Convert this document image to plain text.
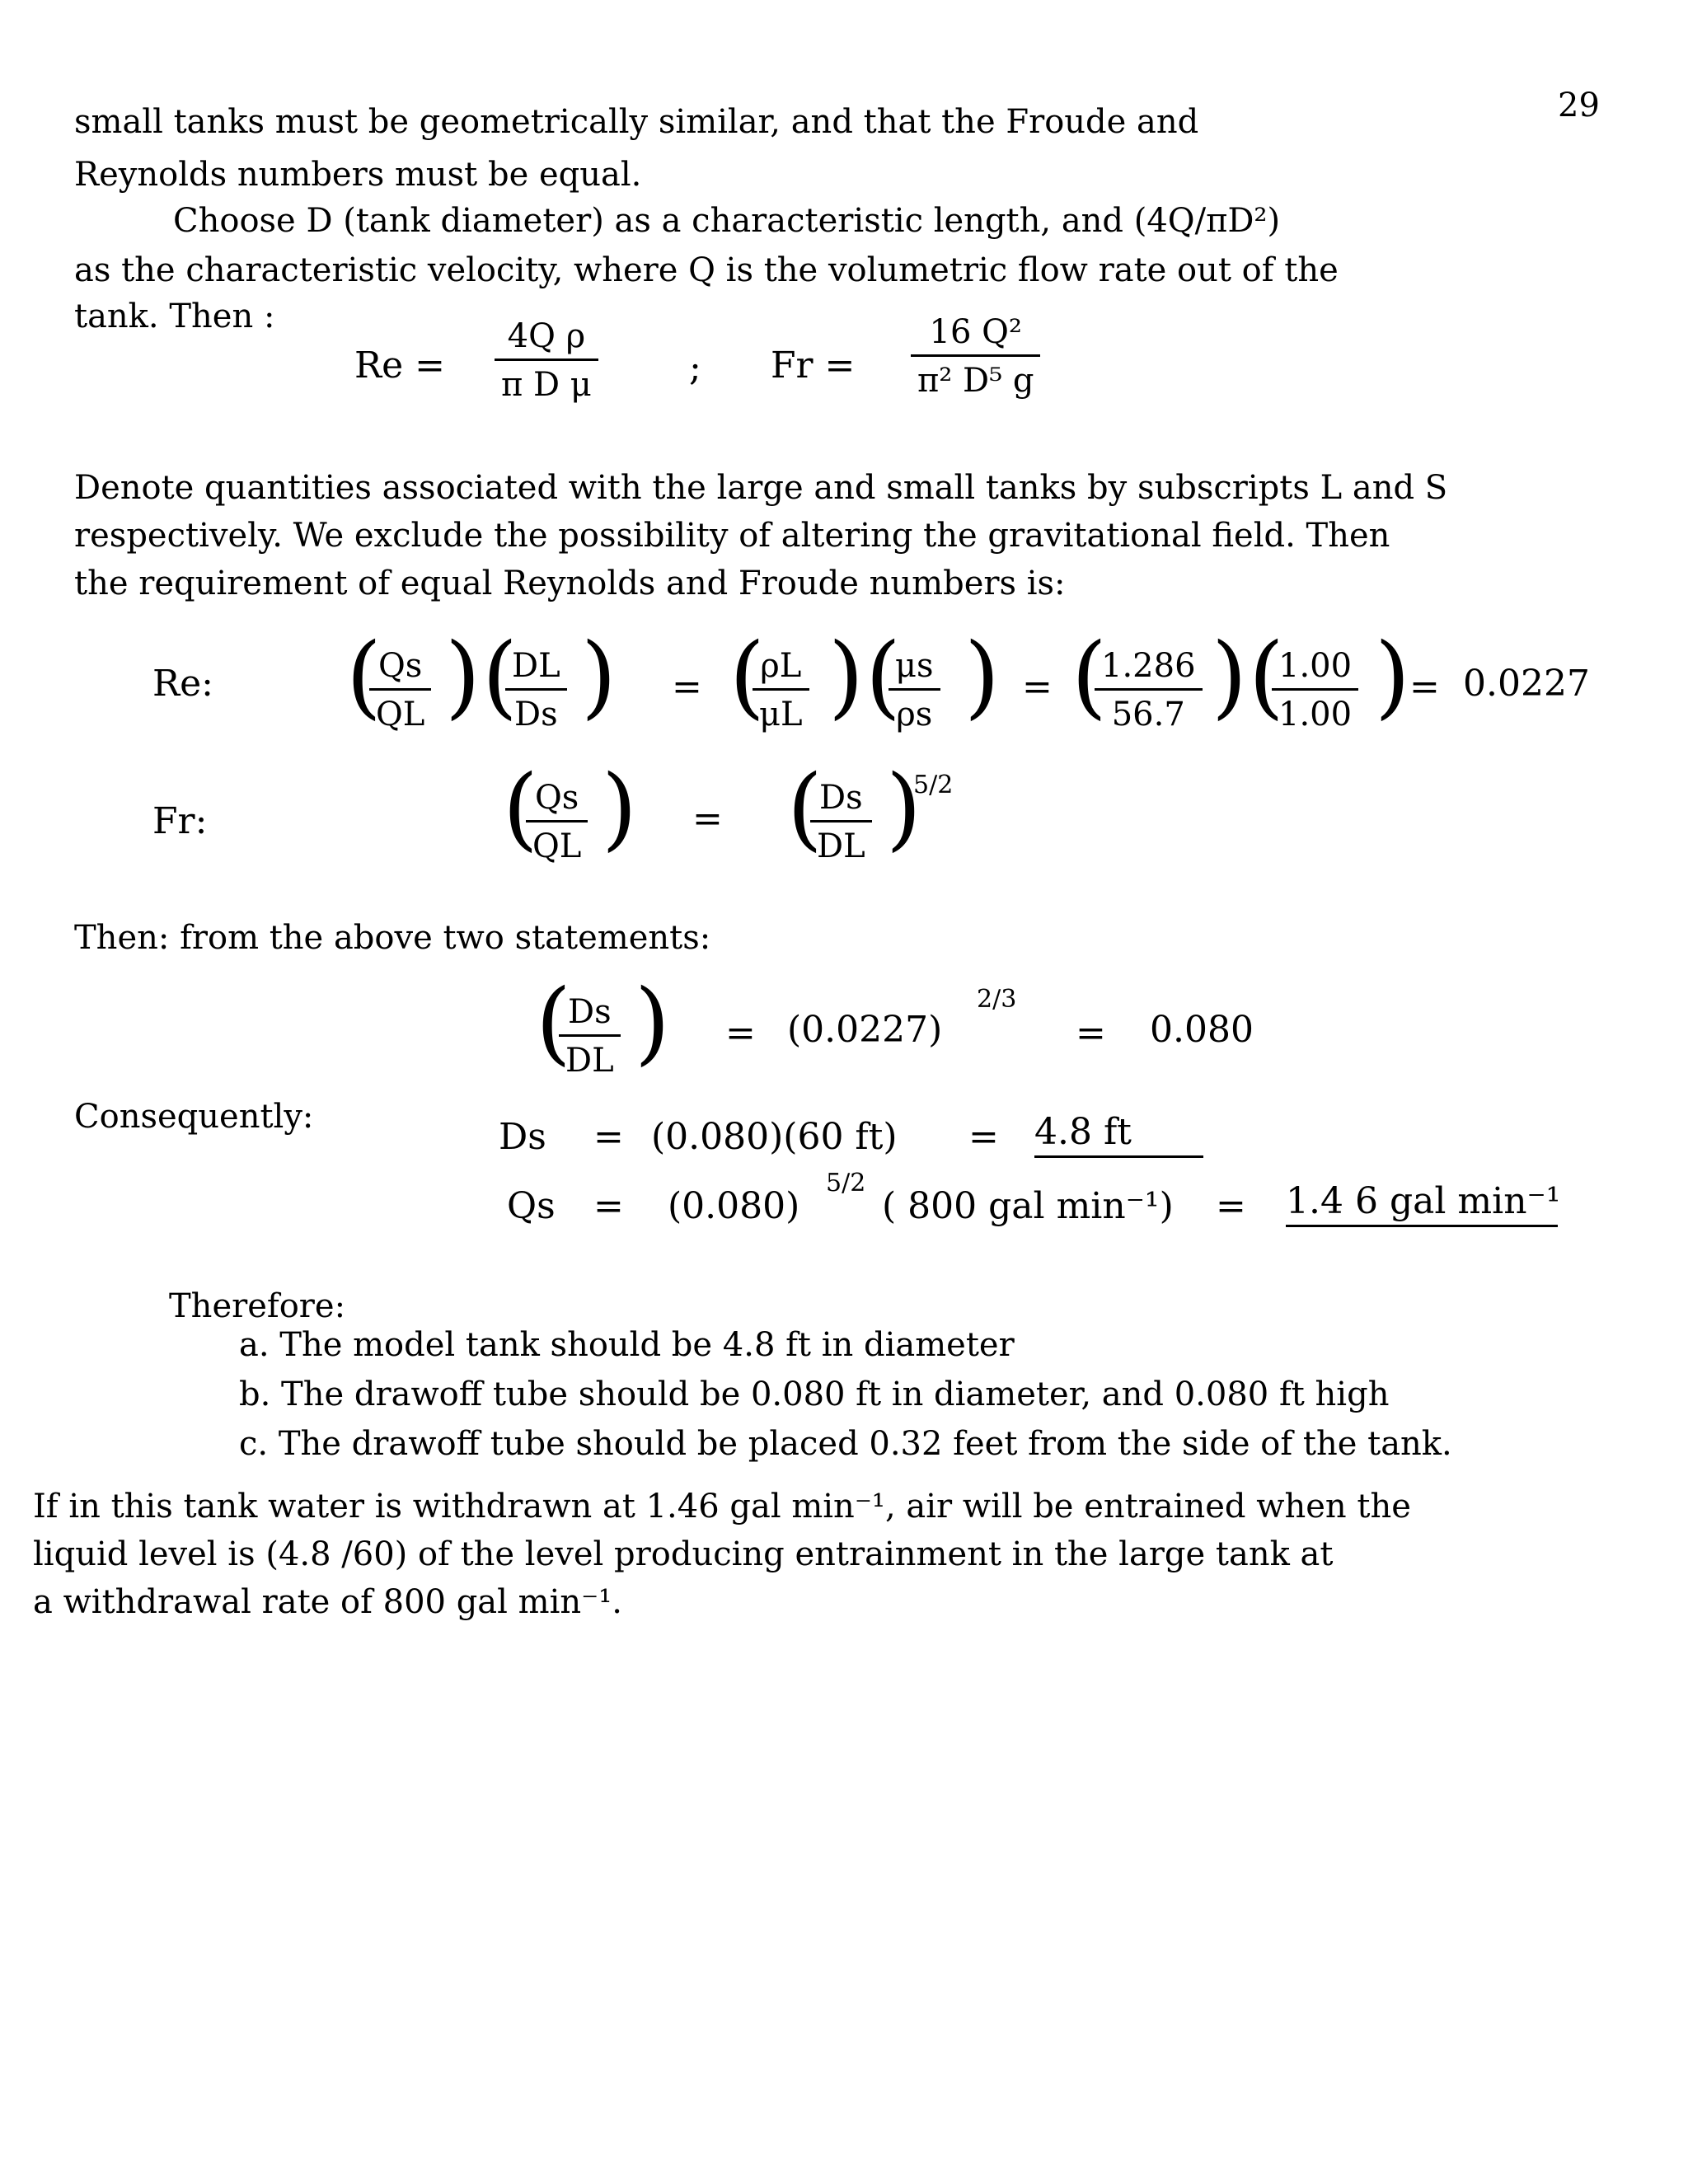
29
small tanks must be geometrically similar, and that the Froude and
Reynolds numbers must be equal.
Choose D (tank diameter) as a characteristic length, and (4Q/πD²)
as the characteristic velocity, where Q is the volumetric flow rate out of the
tank. Then :
$Re = \frac{\text{4Q ρ}}{\text{π D μ}}$	; $Fr = \frac{\text{16 Q²}}{\text{π² D⁵ g}}$
Denote quantities associated with the large and small tanks by subscripts L and S
respectively. We exclude the possibility of altering the gravitational field. Then
the requirement of equal Reynolds and Froude numbers is:
Re: (
$\frac{Qs}{QL}$ ) (
$\frac{DL}{Ds}$ ) = (
$\frac{\rho L}{\mu L}$ ) (
$\frac{\mu s}{\rho s}$ ) = (
$\frac{1.286}{56.7}$ ) (
$\frac{1.00}{1.00}$ ) = 0.0227
Fr:	(
$\frac{Qs}{QL}$ ) = (
$\frac{Ds}{DL}$ )
5/2
Then: from the above two statements:
(
$\frac{Ds}{DL}$ ) = (0.0227)
2/3
= 0.080
Consequently:	Ds = (0.080)(60 ft) = 4.8 ft
Qs = (0.080)
5/2
( 800 gal min⁻¹) = 1.4 6 gal min⁻¹
Therefore:
a. The model tank should be 4.8 ft in diameter
b. The drawoff tube should be 0.080 ft in diameter, and 0.080 ft high
c. The drawoff tube should be placed 0.32 feet from the side of the tank.
If in this tank water is withdrawn at 1.46 gal min⁻¹, air will be entrained when the
liquid level is (4.8 /60) of the level producing entrainment in the large tank at
a withdrawal rate of 800 gal min⁻¹.
